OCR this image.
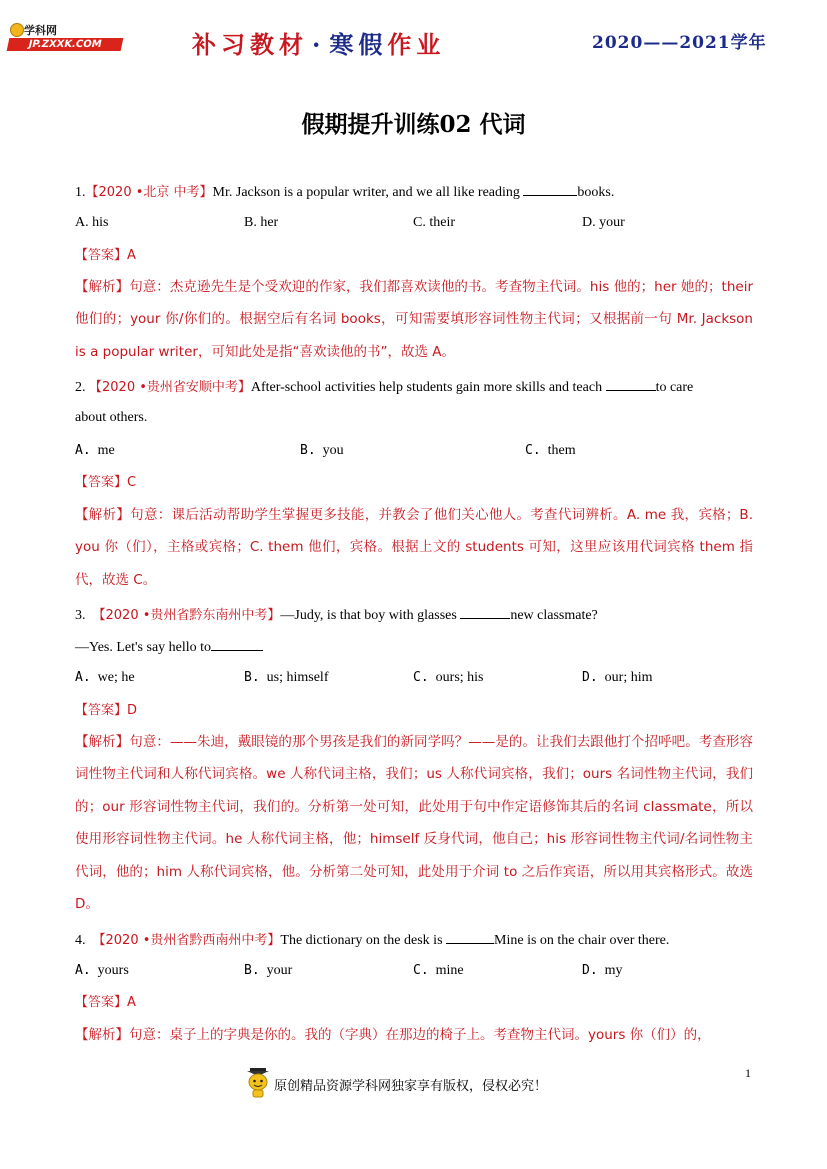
学科网
JP.ZXXK.COM	补习教材 · 寒假作业	2020——2021学年
假期提升训练02 代词
1.【2020 •北京 中考】Mr. Jackson is a popular writer, and we all like reading	books.
A. his	B. her	C. their	D. your
【答案】A
【解析】句意：杰克逊先生是个受欢迎的作家，我们都喜欢读他的书。考查物主代词。his 他的；her 她的；their 他们的；your 你/你们的。根据空后有名词 books，可知需要填形容词性物主代词；又根据前一句 Mr. Jackson is a popular writer，可知此处是指“喜欢读他的书”，故选 A。
2. 【2020 •贵州省安顺中考】After-school activities help students gain more skills and teach	to care
about others.
A. me	B. you	C. them
【答案】C
【解析】句意：课后活动帮助学生掌握更多技能，并教会了他们关心他人。考查代词辨析。A. me 我，宾格；B. you 你（们），主格或宾格；C. them 他们，宾格。根据上文的 students 可知，这里应该用代词宾格 them 指代，故选 C。
3. 【2020 •贵州省黔东南州中考】—Judy, is that boy with glasses	new classmate?
—Yes. Let's say hello to
A. we; he	B. us; himself	C. ours; his	D. our; him
【答案】D
【解析】句意：——朱迪，戴眼镜的那个男孩是我们的新同学吗？——是的。让我们去跟他打个招呼吧。考查形容词性物主代词和人称代词宾格。we 人称代词主格，我们；us 人称代词宾格，我们；ours 名词性物主代词，我们的；our 形容词性物主代词，我们的。分析第一处可知，此处用于句中作定语修饰其后的名词 classmate，所以使用形容词性物主代词。he 人称代词主格，他；himself 反身代词，他自己；his 形容词性物主代词/名词性物主代词，他的；him 人称代词宾格，他。分析第二处可知，此处用于介词 to 之后作宾语，所以用其宾格形式。故选 D。
4. 【2020 •贵州省黔西南州中考】The dictionary on the desk is	Mine is on the chair over there.
A. yours	B. your	C. mine	D. my
【答案】A
【解析】句意：桌子上的字典是你的。我的（字典）在那边的椅子上。考查物主代词。yours 你（们）的，
原创精品资源学科网独家享有版权，侵权必究！
1
